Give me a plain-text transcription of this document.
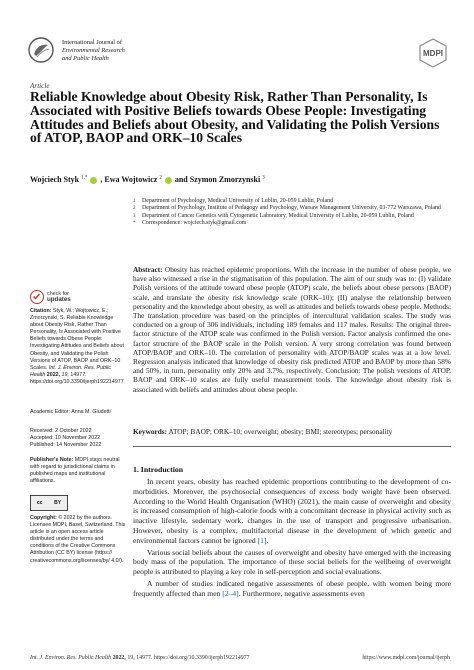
International Journal of
Environmental Research
and Public Health
MDPI
Article
Reliable Knowledge about Obesity Risk, Rather Than Personality, Is Associated with Positive Beliefs towards Obese People: Investigating Attitudes and Beliefs about Obesity, and Validating the Polish Versions of ATOP, BAOP and ORK–10 Scales
Wojciech Styk $^{1,*}$ , Ewa Wojtowicz $^2$ and Szymon Zmorzynski $^3$
1	Department of Psychology, Medical University of Lublin, 20-059 Lublin, Poland
2	Department of Psychology, Institute of Pedagogy and Psychology, Warsaw Management University, 03-772 Warszawa, Poland
3	Department of Cancer Genetics with Cytogenetic Laboratory, Medical University of Lublin, 20-059 Lublin, Poland
*	Correspondence: wojciech.styk@gmail.com
check for
updates
Citation: Styk, W.; Wojtowicz, E.; Zmorzynski, S. Reliable Knowledge about Obesity Risk, Rather Than Personality, Is Associated with Positive Beliefs towards Obese People: Investigating Attitudes and Beliefs about Obesity, and Validating the Polish Versions of ATOP, BAOP and ORK–10 Scales. Int. J. Environ. Res. Public Health 2022, 19, 14977. https://doi.org/10.3390/ijerph192214977
Academic Editor: Anna M. Giudetti
Received: 2 October 2022
Accepted: 10 November 2022
Published: 14 November 2022
Publisher's Note: MDPI stays neutral with regard to jurisdictional claims in published maps and institutional affiliations.
cc BY
Copyright: © 2022 by the authors. Licensee MDPI, Basel, Switzerland. This article is an open access article distributed under the terms and conditions of the Creative Commons Attribution (CC BY) license (https:// creativecommons.org/licenses/by/ 4.0/).
Abstract: Obesity has reached epidemic proportions. With the increase in the number of obese people, we have also witnessed a rise in the stigmatisation of this population. The aim of our study was to: (I) validate Polish versions of the attitude toward obese people (ATOP) scale, the beliefs about obese persons (BAOP) scale, and translate the obesity risk knowledge scale (ORK–10); (II) analyse the relationship between personality and the knowledge about obesity, as well as attitudes and beliefs towards obese people. Methods: The translation procedure was based on the principles of intercultural validation scales. The study was conducted on a group of 306 individuals, including 189 females and 117 males. Results: The original three-factor structure of the ATOP scale was confirmed in the Polish version. Factor analysis confirmed the one-factor structure of the BAOP scale in the Polish version. A very strong correlation was found between ATOP/BAOP and ORK–10. The correlation of personality with ATOP/BAOP scales was at a low level. Regression analysis indicated that knowledge of obesity risk predicted ATOP and BAOP by more than 58% and 50%, in turn, personality only 20% and 3.7%, respectively. Conclusion: The polish versions of ATOP, BAOP and ORK–10 scales are fully useful measurement tools. The knowledge about obesity risk is associated with beliefs and attitudes about obese people.
Keywords: ATOP; BAOP; ORK–10; overweight; obesity; BMI; stereotypes; personality
1. Introduction

In recent years, obesity has reached epidemic proportions contributing to the development of co-morbidities. Moreover, the psychosocial consequences of excess body weight have been observed. According to the World Health Organisation (WHO) (2021), the main cause of overweight and obesity is increased consumption of high-calorie foods with a concomitant decrease in physical activity such as inactive lifestyle, sedentary work, changes in the use of transport and progressive urbanisation. However, obesity is a complex, multifactorial disease in the development of which genetic and environmental factors cannot be ignored [1].

Various social beliefs about the causes of overweight and obesity have emerged with the increasing body mass of the population. The importance of these social beliefs for the wellbeing of overweight people is attributed to playing a key role in self-perception and social evaluations.

A number of studies indicated negative assessments of obese people, with women being more frequently affected than men [2–4]. Furthermore, negative assessments even

Int. J. Environ. Res. Public Health 2022, 19, 14977. https://doi.org/10.3390/ijerph192214977	https://www.mdpi.com/journal/ijerph
